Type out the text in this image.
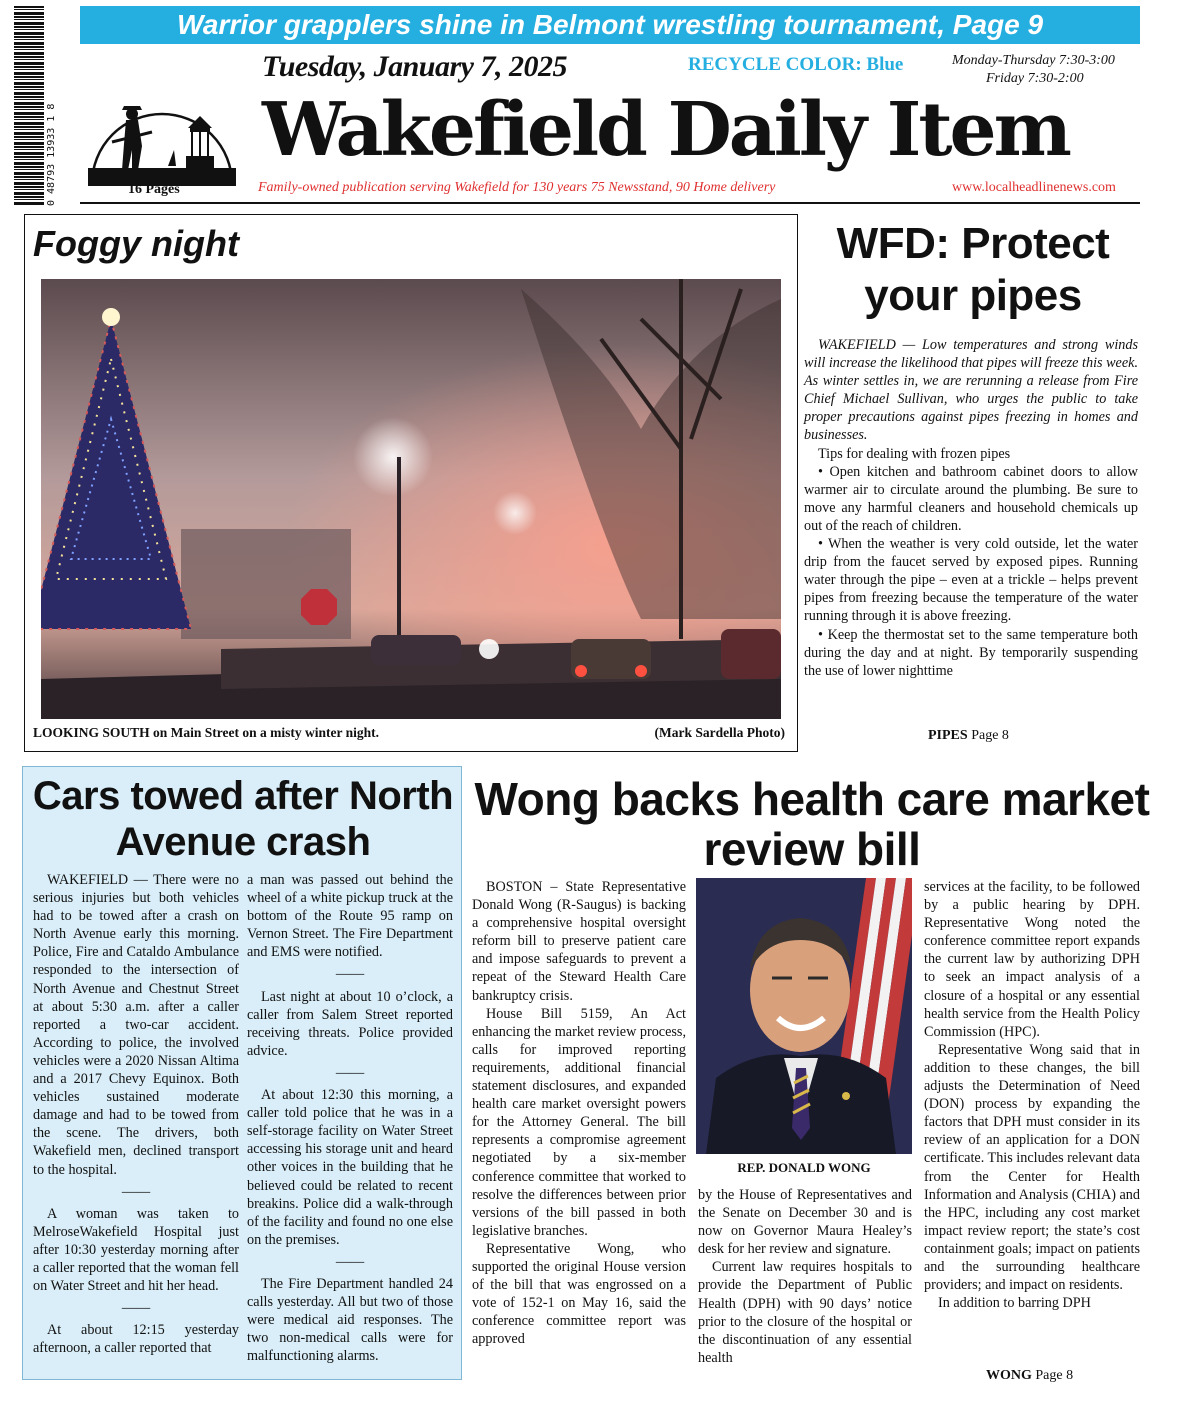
0 48793 13933 1 8
Warrior grapplers shine in Belmont wrestling tournament, Page 9
16 Pages
Tuesday, January 7, 2025	RECYCLE COLOR: Blue	Monday-Thursday 7:30-3:00
Friday 7:30-2:00
Wakefield Daily Item
Family-owned publication serving Wakefield for 130 years 75 Newsstand, 90 Home delivery	www.localheadlinenews.com
Foggy night
LOOKING SOUTH on Main Street on a misty winter night.	(Mark Sardella Photo)
WFD: Protect your pipes

WAKEFIELD — Low temperatures and strong winds will increase the likelihood that pipes will freeze this week. As winter settles in, we are rerunning a release from Fire Chief Michael Sullivan, who urges the public to take proper precautions against pipes freezing in homes and businesses.

Tips for dealing with frozen pipes

• Open kitchen and bathroom cabinet doors to allow warmer air to circulate around the plumbing. Be sure to move any harmful cleaners and household chemicals up out of the reach of children.

• When the weather is very cold outside, let the water drip from the faucet served by exposed pipes. Running water through the pipe – even at a trickle – helps prevent pipes from freezing because the temperature of the water running through it is above freezing.

• Keep the thermostat set to the same temperature both during the day and at night. By temporarily suspending the use of lower nighttime

PIPES Page 8
Cars towed after North Avenue crash

WAKEFIELD — There were no serious injuries but both vehicles had to be towed after a crash on North Avenue early this morning. Police, Fire and Cataldo Ambulance responded to the intersection of North Avenue and Chestnut Street at about 5:30 a.m. after a caller reported a two-car accident. According to police, the involved vehicles were a 2020 Nissan Altima and a 2017 Chevy Equinox. Both vehicles sustained moderate damage and had to be towed from the scene. The drivers, both Wakefield men, declined transport to the hospital.

——

A woman was taken to MelroseWakefield Hospital just after 10:30 yesterday morning after a caller reported that the woman fell on Water Street and hit her head.

——

At about 12:15 yesterday afternoon, a caller reported that

a man was passed out behind the wheel of a white pickup truck at the bottom of the Route 95 ramp on Vernon Street. The Fire Department and EMS were notified.

——

Last night at about 10 o’clock, a caller from Salem Street reported receiving threats. Police provided advice.

——

At about 12:30 this morning, a caller told police that he was in a self-storage facility on Water Street accessing his storage unit and heard other voices in the building that he believed could be related to recent breakins. Police did a walk-through of the facility and found no one else on the premises.

——

The Fire Department handled 24 calls yesterday. All but two of those were medical aid responses. The two non-medical calls were for malfunctioning alarms.

Wong backs health care market review bill

BOSTON – State Representative Donald Wong (R-Saugus) is backing a comprehensive hospital oversight reform bill to preserve patient care and impose safeguards to prevent a repeat of the Steward Health Care bankruptcy crisis.

House Bill 5159, An Act enhancing the market review process, calls for improved reporting requirements, additional financial statement disclosures, and expanded health care market oversight powers for the Attorney General. The bill represents a compromise agreement negotiated by a six-member conference committee that worked to resolve the differences between prior versions of the bill passed in both legislative branches.

Representative Wong, who supported the original House version of the bill that was engrossed on a vote of 152-1 on May 16, said the conference committee report was approved

REP. DONALD WONG

by the House of Representatives and the Senate on December 30 and is now on Governor Maura Healey’s desk for her review and signature.

Current law requires hospitals to provide the Department of Public Health (DPH) with 90 days’ notice prior to the closure of the hospital or the discontinuation of any essential health

services at the facility, to be followed by a public hearing by DPH. Representative Wong noted the conference committee report expands the current law by authorizing DPH to seek an impact analysis of a closure of a hospital or any essential health service from the Health Policy Commission (HPC).

Representative Wong said that in addition to these changes, the bill adjusts the Determination of Need (DON) process by expanding the factors that DPH must consider in its review of an application for a DON certificate. This includes relevant data from the Center for Health Information and Analysis (CHIA) and the HPC, including any cost market impact review report; the state’s cost containment goals; impact on patients and the surrounding healthcare providers; and impact on residents.

In addition to barring DPH

WONG Page 8
